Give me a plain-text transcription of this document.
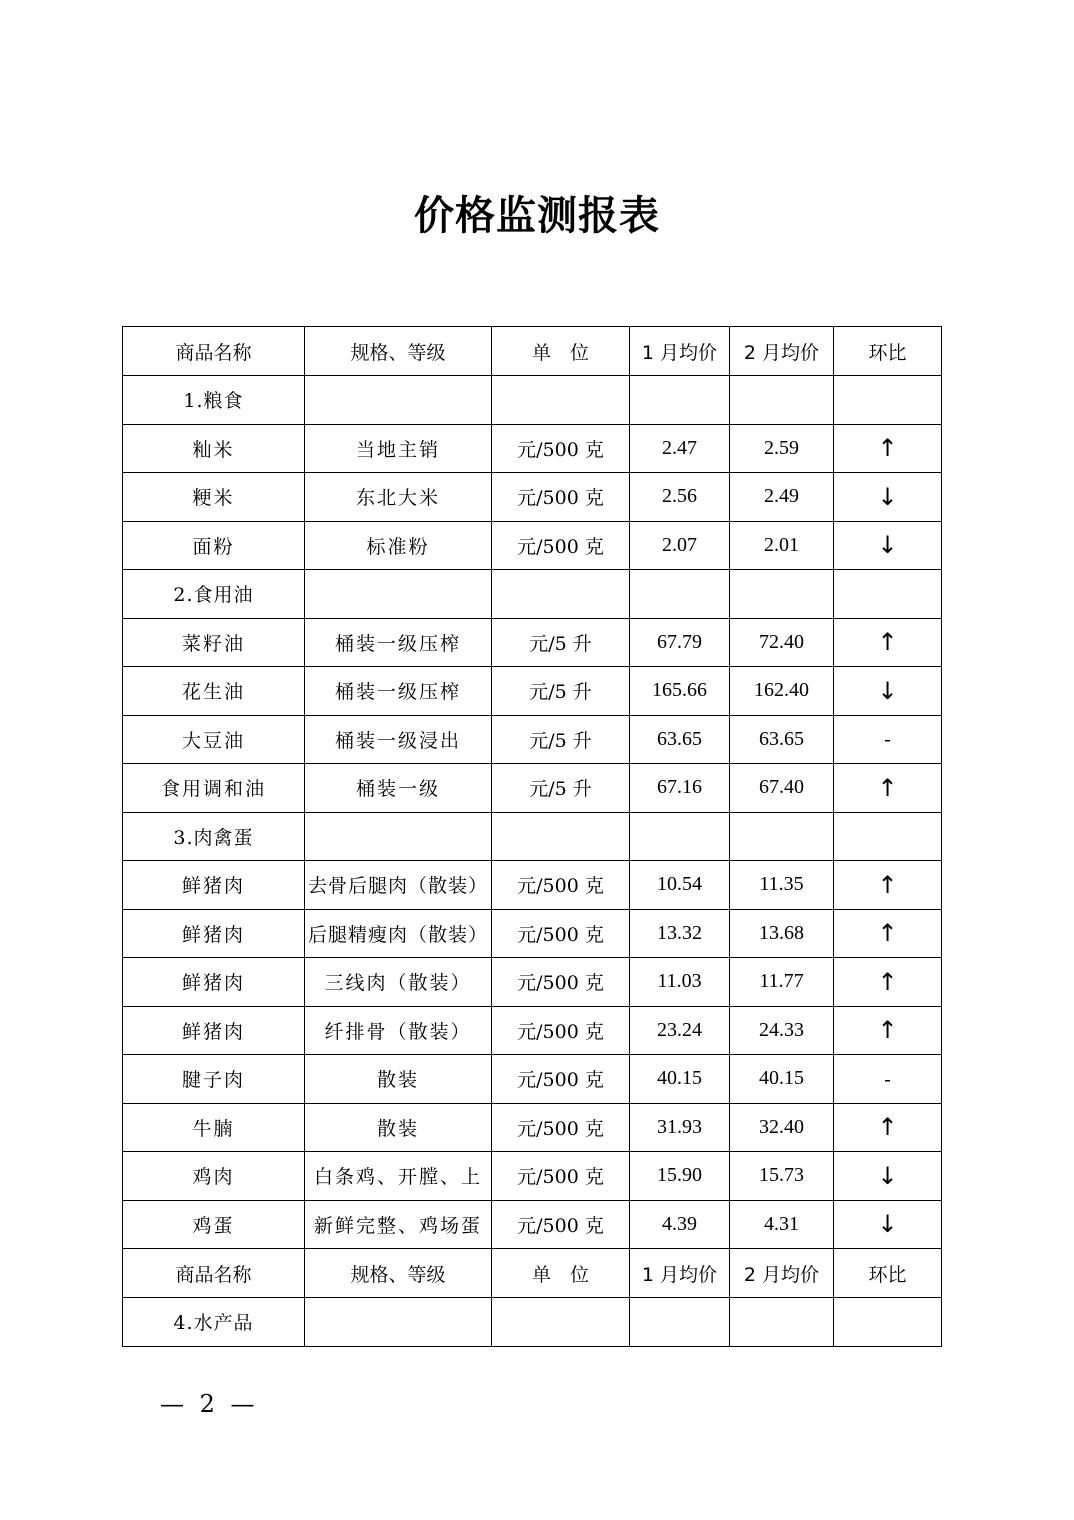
价格监测报表
商品名称	规格、等级	单　位	1 月均价	2 月均价	环比
1.粮食					
籼米	当地主销	元/500 克	2.47	2.59	↑
粳米	东北大米	元/500 克	2.56	2.49	↓
面粉	标准粉	元/500 克	2.07	2.01	↓
2.食用油					
菜籽油	桶装一级压榨	元/5 升	67.79	72.40	↑
花生油	桶装一级压榨	元/5 升	165.66	162.40	↓
大豆油	桶装一级浸出	元/5 升	63.65	63.65	-
食用调和油	桶装一级	元/5 升	67.16	67.40	↑
3.肉禽蛋					
鲜猪肉	去骨后腿肉（散装）	元/500 克	10.54	11.35	↑
鲜猪肉	后腿精瘦肉（散装）	元/500 克	13.32	13.68	↑
鲜猪肉	三线肉（散装）	元/500 克	11.03	11.77	↑
鲜猪肉	纤排骨（散装）	元/500 克	23.24	24.33	↑
腱子肉	散装	元/500 克	40.15	40.15	-
牛腩	散装	元/500 克	31.93	32.40	↑
鸡肉	白条鸡、开膛、上	元/500 克	15.90	15.73	↓
鸡蛋	新鲜完整、鸡场蛋	元/500 克	4.39	4.31	↓
商品名称	规格、等级	单　位	1 月均价	2 月均价	环比
4.水产品					
— 2 —
